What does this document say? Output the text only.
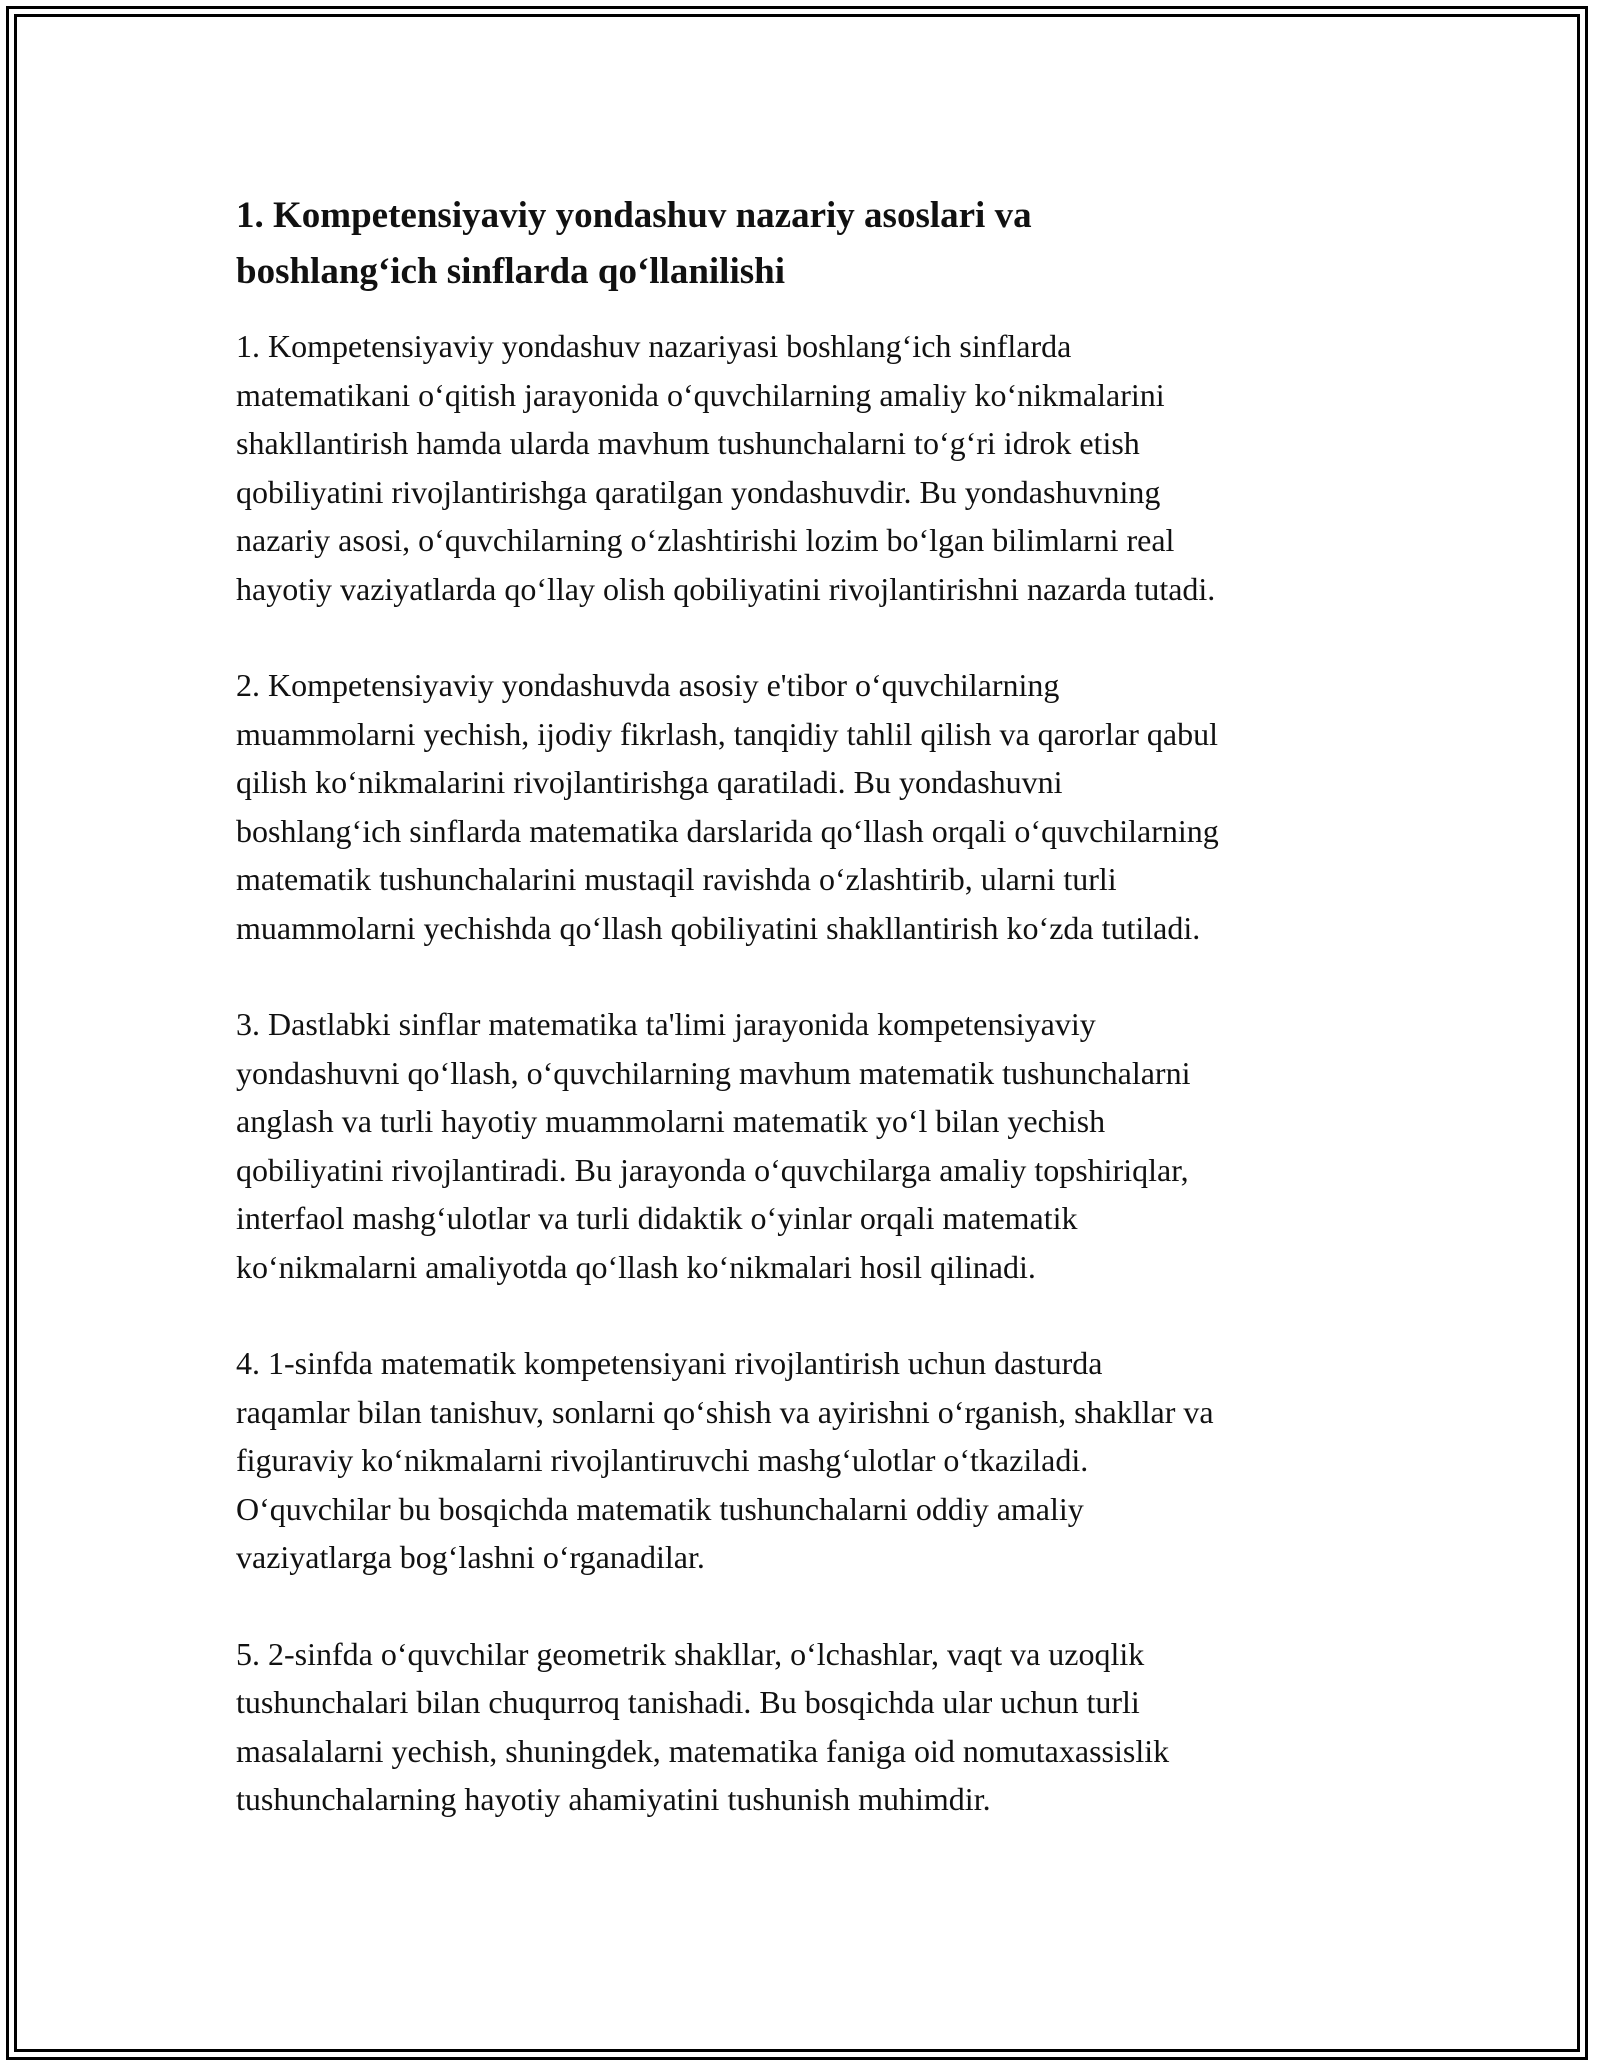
1. Kompetensiyaviy yondashuv nazariy asoslari va
boshlang‘ich sinflarda qo‘llanilishi
1. Kompetensiyaviy yondashuv nazariyasi boshlang‘ich sinflarda
matematikani o‘qitish jarayonida o‘quvchilarning amaliy ko‘nikmalarini
shakllantirish hamda ularda mavhum tushunchalarni to‘g‘ri idrok etish
qobiliyatini rivojlantirishga qaratilgan yondashuvdir. Bu yondashuvning
nazariy asosi, o‘quvchilarning o‘zlashtirishi lozim bo‘lgan bilimlarni real
hayotiy vaziyatlarda qo‘llay olish qobiliyatini rivojlantirishni nazarda tutadi.
2. Kompetensiyaviy yondashuvda asosiy e'tibor o‘quvchilarning
muammolarni yechish, ijodiy fikrlash, tanqidiy tahlil qilish va qarorlar qabul
qilish ko‘nikmalarini rivojlantirishga qaratiladi. Bu yondashuvni
boshlang‘ich sinflarda matematika darslarida qo‘llash orqali o‘quvchilarning
matematik tushunchalarini mustaqil ravishda o‘zlashtirib, ularni turli
muammolarni yechishda qo‘llash qobiliyatini shakllantirish ko‘zda tutiladi.
3. Dastlabki sinflar matematika ta'limi jarayonida kompetensiyaviy
yondashuvni qo‘llash, o‘quvchilarning mavhum matematik tushunchalarni
anglash va turli hayotiy muammolarni matematik yo‘l bilan yechish
qobiliyatini rivojlantiradi. Bu jarayonda o‘quvchilarga amaliy topshiriqlar,
interfaol mashg‘ulotlar va turli didaktik o‘yinlar orqali matematik
ko‘nikmalarni amaliyotda qo‘llash ko‘nikmalari hosil qilinadi.
4. 1-sinfda matematik kompetensiyani rivojlantirish uchun dasturda
raqamlar bilan tanishuv, sonlarni qo‘shish va ayirishni o‘rganish, shakllar va
figuraviy ko‘nikmalarni rivojlantiruvchi mashg‘ulotlar o‘tkaziladi.
O‘quvchilar bu bosqichda matematik tushunchalarni oddiy amaliy
vaziyatlarga bog‘lashni o‘rganadilar.
5. 2-sinfda o‘quvchilar geometrik shakllar, o‘lchashlar, vaqt va uzoqlik
tushunchalari bilan chuqurroq tanishadi. Bu bosqichda ular uchun turli
masalalarni yechish, shuningdek, matematika faniga oid nomutaxassislik
tushunchalarning hayotiy ahamiyatini tushunish muhimdir.
